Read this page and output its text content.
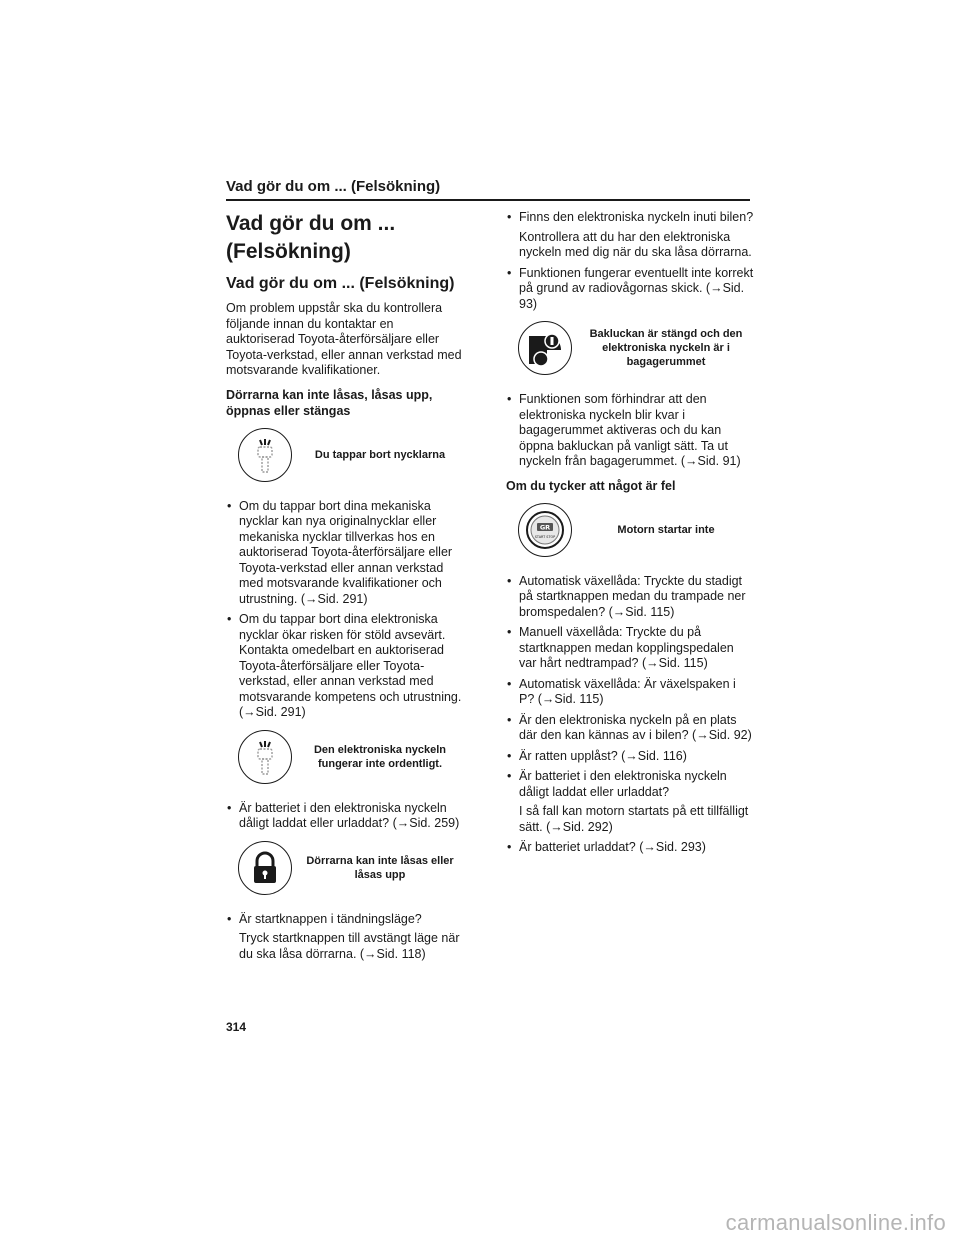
Vad gör du om ... (Felsökning)
Vad gör du om ...
(Felsökning)
Vad gör du om ... (Felsökning)
Om problem uppstår ska du kontrollera följande innan du kontaktar en auktoriserad Toyota-återförsäljare eller Toyota-verkstad, eller annan verkstad med motsvarande kvalifikationer.
Dörrarna kan inte låsas, låsas upp, öppnas eller stängas
Du tappar bort nycklarna
• Om du tappar bort dina mekaniska nycklar kan nya originalnycklar eller mekaniska nycklar tillverkas hos en auktoriserad Toyota-återförsäljare eller Toyota-verkstad eller annan verkstad med motsvarande kvalifikationer och utrustning. (→Sid. 291)
• Om du tappar bort dina elektroniska nycklar ökar risken för stöld avsevärt. Kontakta omedelbart en auktoriserad Toyota-återförsäljare eller Toyota-verkstad, eller annan verkstad med motsvarande kompetens och utrustning. (→Sid. 291)
Den elektroniska nyckeln fungerar inte ordentligt.
• Är batteriet i den elektroniska nyckeln dåligt laddat eller urladdat? (→Sid. 259)
Dörrarna kan inte låsas eller låsas upp
• Är startknappen i tändningsläge?
Tryck startknappen till avstängt läge när du ska låsa dörrarna. (→Sid. 118)
• Finns den elektroniska nyckeln inuti bilen?
Kontrollera att du har den elektroniska nyckeln med dig när du ska låsa dörrarna.
• Funktionen fungerar eventuellt inte korrekt på grund av radiovågornas skick. (→Sid. 93)
Bakluckan är stängd och den elektroniska nyckeln är i bagagerummet
• Funktionen som förhindrar att den elektroniska nyckeln blir kvar i bagagerummet aktiveras och du kan öppna bakluckan på vanligt sätt. Ta ut nyckeln från bagagerummet. (→Sid. 91)
Om du tycker att något är fel
GR
START STOP
Motorn startar inte
• Automatisk växellåda: Tryckte du stadigt på startknappen medan du trampade ner bromspedalen? (→Sid. 115)
• Manuell växellåda: Tryckte du på startknappen medan kopplingspedalen var hårt nedtrampad? (→Sid. 115)
• Automatisk växellåda: Är växelspaken i P? (→Sid. 115)
• Är den elektroniska nyckeln på en plats där den kan kännas av i bilen? (→Sid. 92)
• Är ratten upplåst? (→Sid. 116)
• Är batteriet i den elektroniska nyckeln dåligt laddat eller urladdat?
I så fall kan motorn startats på ett tillfälligt sätt. (→Sid. 292)
• Är batteriet urladdat? (→Sid. 293)
314
carmanualsonline.info
